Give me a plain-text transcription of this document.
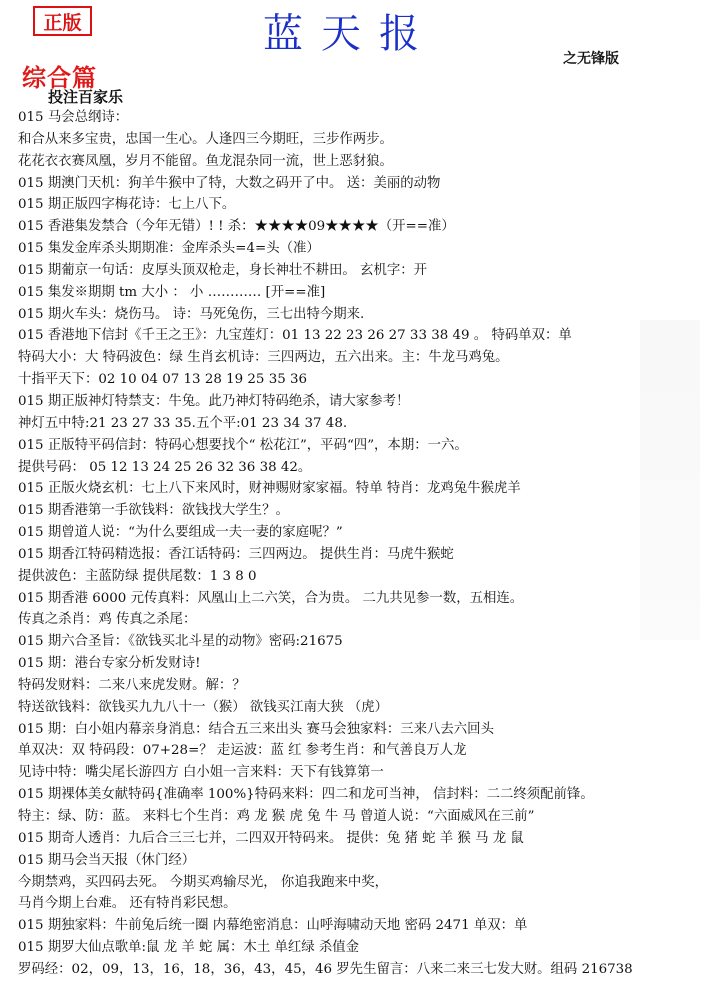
正版	蓝天报
之无锋版
综合篇
投注百家乐
015 马会总纲诗：
和合从来多宝贵，忠国一生心。人逢四三今期旺，三步作两步。
花花衣衣赛凤凰，岁月不能留。鱼龙混杂同一流，世上恶豺狼。
015 期澳门天机：狗羊牛猴中了特，大数之码开了中。 送：美丽的动物
015 期正版四字梅花诗：七上八下。
015 香港集发禁合（今年无错）! ! 杀：★★★★09★★★★（开==准）
015 集发金库杀头期期准：金库杀头=4=头（准）
015 期葡京一句话：皮厚头顶双枪走，身长神壮不耕田。 玄机字：开
015 集发※期期 tm 大小 ： 小 ………… [开==准]
015 期火车头：烧伤马。 诗：马死兔伤，三七出特今期来.
015 香港地下信封《千王之王》：九宝莲灯：01 13 22 23 26 27 33 38 49 。 特码单双：单
特码大小：大 特码波色：绿 生肖玄机诗：三四两边，五六出来。主：牛龙马鸡兔。
十指平天下：02 10 04 07 13 28 19 25 35 36
015 期正版神灯特禁支：牛兔。此乃神灯特码绝杀，请大家参考！
神灯五中特:21 23 27 33 35.五个平:01 23 34 37 48.
015 正版特平码信封：特码心想要找个“ 松花江”，平码“四”，本期：一六。
提供号码： 05 12 13 24 25 26 32 36 38 42。
015 正版火烧玄机：七上八下来风时，财神赐财家家福。特单 特肖：龙鸡兔牛猴虎羊
015 期香港第一手欲钱料：欲钱找大学生？。
015 期曾道人说：“为什么要组成一夫一妻的家庭呢？”
015 期香江特码精选报：香江话特码：三四两边。 提供生肖：马虎牛猴蛇
提供波色：主蓝防绿 提供尾数：1 3 8 0
015 期香港 6000 元传真料：风凰山上二六笑，合为贵。 二九共见参一数，五相连。
传真之杀肖：鸡 传真之杀尾：
015 期六合圣旨：《欲钱买北斗星的动物》密码:21675
015 期：港台专家分析发财诗!
特码发财料：二来八来虎发财。解：？
特送欲钱料：欲钱买九九八十一（猴） 欲钱买江南大狭 （虎）
015 期：白小姐内幕亲身消息：结合五三来出头 赛马会独家料：三来八去六回头
单双决：双 特码段：07+28=？ 走运波：蓝 红 参考生肖：和气善良万人龙
见诗中特：嘴尖尾长游四方 白小姐一言来料：天下有钱算第一
015 期裸体美女献特码{准确率 100%}特码来料：四二和龙可当神， 信封料：二二终须配前锋。
特主：绿、防：蓝。 来料七个生肖：鸡 龙 猴 虎 兔 牛 马 曾道人说：“六面威风在三前”
015 期奇人透肖：九后合三三七并，二四双开特码来。 提供：兔 猪 蛇 羊 猴 马 龙 鼠
015 期马会当天报（休门经）
今期禁鸡，买四码去死。 今期买鸡输尽光， 你追我跑来中奖，
马肖今期上台难。 还有特肖彩民想。
015 期独家料：牛前兔后统一圈 内幕绝密消息：山呼海啸动天地 密码 2471 单双：单
015 期罗大仙点歌单:鼠 龙 羊 蛇 属：木土 单红绿 杀值金
罗码经：02，09，13，16，18，36，43，45，46 罗先生留言：八来二来三七发大财。组码 216738
